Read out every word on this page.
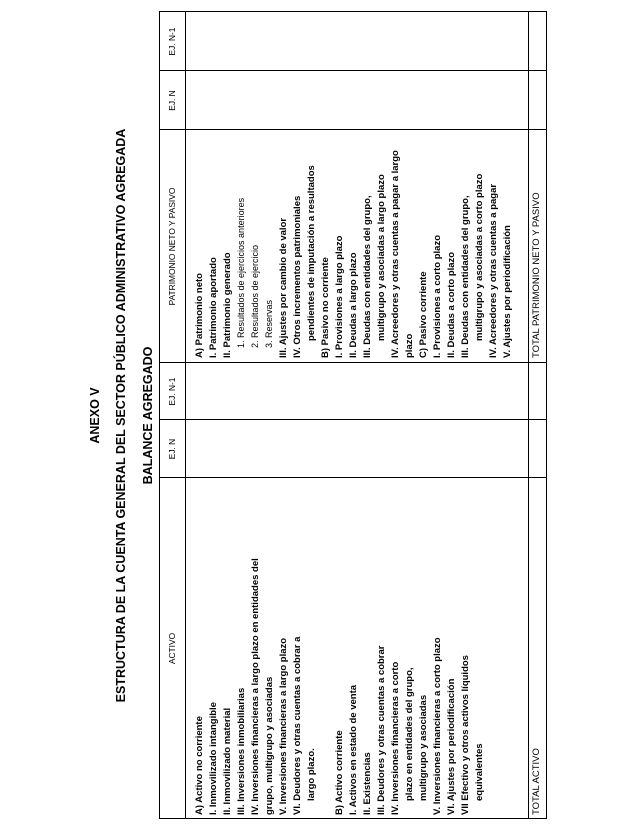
ANEXO V ESTRUCTURA DE LA CUENTA GENERAL DEL SECTOR PÚBLICO ADMINISTRATIVO AGREGADA BALANCE AGREGADO
ACTIVO
EJ. N
EJ. N-1
PATRIMONIO NETO Y PASIVO
EJ. N
EJ. N-1
A) Activo no corriente I. Inmovilizado intangible II. Inmovilizado material III. Inversiones inmobiliarias IV. Inversiones financieras a largo plazo en entidades del grupo, multigrupo y asociadas V. Inversiones financieras a largo plazo VI. Deudores y otras cuentas a cobrar a largo plazo. B) Activo corriente I. Activos en estado de venta II. Existencias III. Deudores y otras cuentas a cobrar IV. Inversiones financieras a corto plazo en entidades del grupo, multigrupo y asociadas V. Inversiones financieras a corto plazo VI. Ajustes por periodificación VII Efectivo y otros activos líquidos equivalentes
A) Patrimonio neto I. Patrimonio aportado II. Patrimonio generado 1. Resultados de ejercicios anteriores 2. Resultados de ejercicio 3. Reservas III. Ajustes por cambio de valor IV. Otros incrementos patrimoniales pendientes de imputación a resultados B) Pasivo no corriente I. Provisiones a largo plazo II. Deudas a largo plazo III. Deudas con entidades del grupo, multigrupo y asociadas a largo plazo IV. Acreedores y otras cuentas a pagar a largo plazo C) Pasivo corriente I. Provisiones a corto plazo II. Deudas a corto plazo III. Deudas con entidades del grupo, multigrupo y asociadas a corto plazo IV. Acreedores y otras cuentas a pagar V. Ajustes por periodificación
TOTAL ACTIVO
TOTAL PATRIMONIO NETO Y PASIVO
